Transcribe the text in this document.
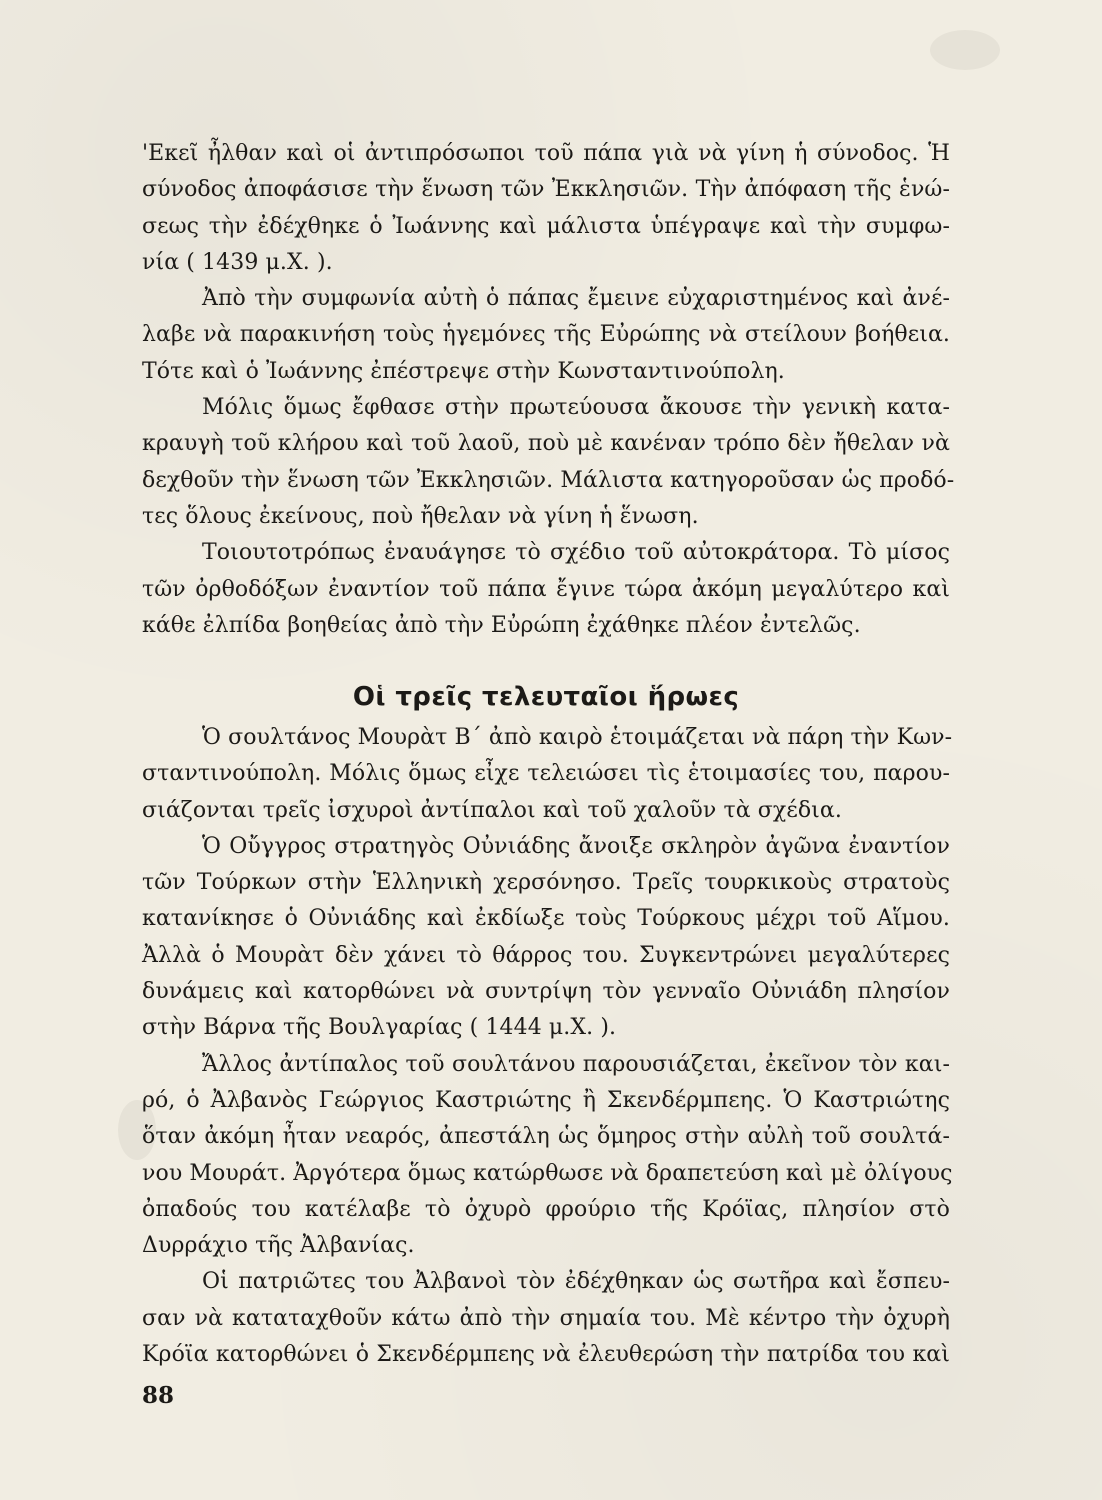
'Εκεῖ ἦλθαν καὶ οἱ ἀντιπρόσωποι τοῦ πάπα γιὰ νὰ γίνη ἡ σύνοδος. Ἡ
σύνοδος ἀποφάσισε τὴν ἕνωση τῶν Ἐκκλησιῶν. Τὴν ἀπόφαση τῆς ἑνώ-
σεως τὴν ἐδέχθηκε ὁ Ἰωάννης καὶ μάλιστα ὑπέγραψε καὶ τὴν συμφω-
νία ( 1439 μ.Χ. ).
Ἀπὸ τὴν συμφωνία αὐτὴ ὁ πάπας ἔμεινε εὐχαριστημένος καὶ ἀνέ-
λαβε νὰ παρακινήση τοὺς ἡγεμόνες τῆς Εὐρώπης νὰ στείλουν βοήθεια.
Τότε καὶ ὁ Ἰωάννης ἐπέστρεψε στὴν Κωνσταντινούπολη.
Μόλις ὅμως ἔφθασε στὴν πρωτεύουσα ἄκουσε τὴν γενικὴ κατα-
κραυγὴ τοῦ κλήρου καὶ τοῦ λαοῦ, ποὺ μὲ κανέναν τρόπο δὲν ἤθελαν νὰ
δεχθοῦν τὴν ἕνωση τῶν Ἐκκλησιῶν. Μάλιστα κατηγοροῦσαν ὡς προδό-
τες ὅλους ἐκείνους, ποὺ ἤθελαν νὰ γίνη ἡ ἕνωση.
Τοιουτοτρόπως ἐναυάγησε τὸ σχέδιο τοῦ αὐτοκράτορα. Τὸ μίσος
τῶν ὀρθοδόξων ἐναντίον τοῦ πάπα ἔγινε τώρα ἀκόμη μεγαλύτερο καὶ
κάθε ἐλπίδα βοηθείας ἀπὸ τὴν Εὐρώπη ἐχάθηκε πλέον ἐντελῶς.
Οἱ τρεῖς τελευταῖοι ἥρωες
Ὁ σουλτάνος Μουρὰτ Β΄ ἀπὸ καιρὸ ἑτοιμάζεται νὰ πάρη τὴν Κων-
σταντινούπολη. Μόλις ὅμως εἶχε τελειώσει τὶς ἑτοιμασίες του, παρου-
σιάζονται τρεῖς ἰσχυροὶ ἀντίπαλοι καὶ τοῦ χαλοῦν τὰ σχέδια.
Ὁ Οὔγγρος στρατηγὸς Οὐνιάδης ἄνοιξε σκληρὸν ἀγῶνα ἐναντίον
τῶν Τούρκων στὴν Ἑλληνικὴ χερσόνησο. Τρεῖς τουρκικοὺς στρατοὺς
κατανίκησε ὁ Οὐνιάδης καὶ ἐκδίωξε τοὺς Τούρκους μέχρι τοῦ Αἵμου.
Ἀλλὰ ὁ Μουρὰτ δὲν χάνει τὸ θάρρος του. Συγκεντρώνει μεγαλύτερες
δυνάμεις καὶ κατορθώνει νὰ συντρίψη τὸν γενναῖο Οὐνιάδη πλησίον
στὴν Βάρνα τῆς Βουλγαρίας ( 1444 μ.Χ. ).
Ἄλλος ἀντίπαλος τοῦ σουλτάνου παρουσιάζεται, ἐκεῖνον τὸν και-
ρό, ὁ Ἀλβανὸς Γεώργιος Καστριώτης ἢ Σκενδέρμπεης. Ὁ Καστριώτης
ὅταν ἀκόμη ἦταν νεαρός, ἀπεστάλη ὡς ὅμηρος στὴν αὐλὴ τοῦ σουλτά-
νου Μουράτ. Ἀργότερα ὅμως κατώρθωσε νὰ δραπετεύση καὶ μὲ ὀλίγους
ὀπαδούς του κατέλαβε τὸ ὀχυρὸ φρούριο τῆς Κρόϊας, πλησίον στὸ
Δυρράχιο τῆς Ἀλβανίας.
Οἱ πατριῶτες του Ἀλβανοὶ τὸν ἐδέχθηκαν ὡς σωτῆρα καὶ ἔσπευ-
σαν νὰ καταταχθοῦν κάτω ἀπὸ τὴν σημαία του. Μὲ κέντρο τὴν ὀχυρὴ
Κρόϊα κατορθώνει ὁ Σκενδέρμπεης νὰ ἐλευθερώση τὴν πατρίδα του καὶ
88
